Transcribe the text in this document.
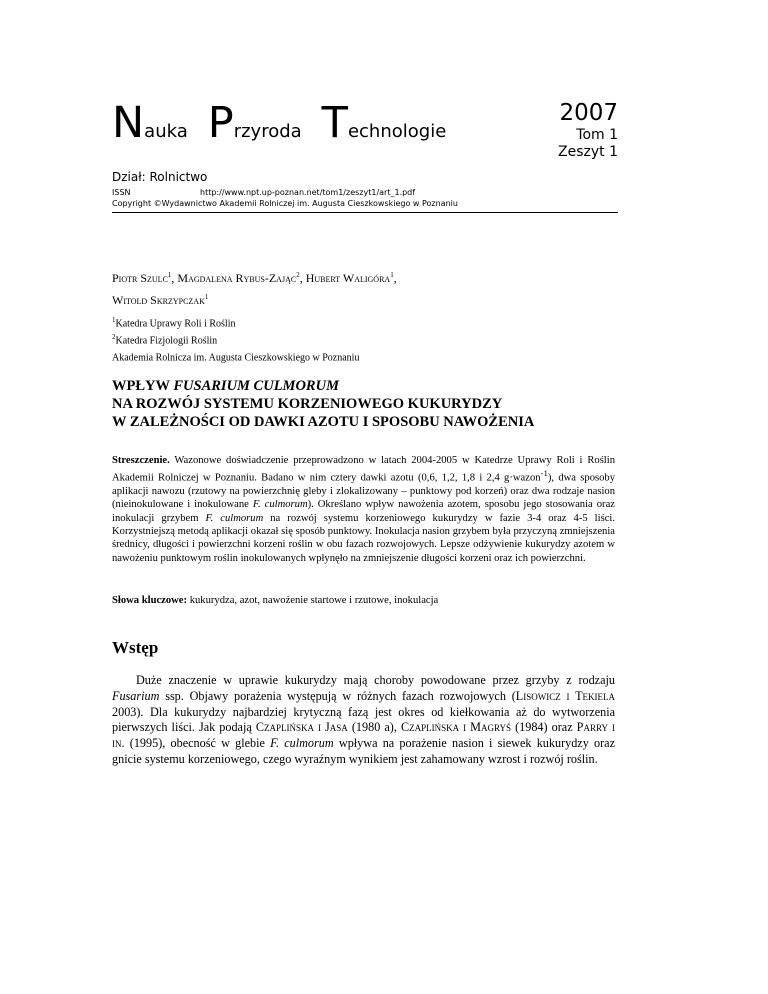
Nauka Przyroda Technologie
2007
Tom 1
Zeszyt 1
Dział: Rolnictwo
ISSN	http://www.npt.up-poznan.net/tom1/zeszyt1/art_1.pdf
Copyright ©Wydawnictwo Akademii Rolniczej im. Augusta Cieszkowskiego w Poznaniu
Piotr Szulc$^1$, Magdalena Rybus-Zając$^2$, Hubert Waligóra$^1$,
Witold Skrzypczak$^1$
$^1$Katedra Uprawy Roli i Roślin
$^2$Katedra Fizjologii Roślin
Akademia Rolnicza im. Augusta Cieszkowskiego w Poznaniu
WPŁYW FUSARIUM CULMORUM
NA ROZWÓJ SYSTEMU KORZENIOWEGO KUKURYDZY
W ZALEŻNOŚCI OD DAWKI AZOTU I SPOSOBU NAWOŻENIA
Streszczenie. Wazonowe doświadczenie przeprowadzono w latach 2004-2005 w Katedrze Uprawy Roli i Roślin Akademii Rolniczej w Poznaniu. Badano w nim cztery dawki azotu (0,6, 1,2, 1,8 i 2,4 g·wazon$^{-1}$), dwa sposoby aplikacji nawozu (rzutowy na powierzchnię gleby i zlokalizowany – punktowy pod korzeń) oraz dwa rodzaje nasion (nieinokulowane i inokulowane F. culmorum). Określano wpływ nawożenia azotem, sposobu jego stosowania oraz inokulacji grzybem F. culmorum na rozwój systemu korzeniowego kukurydzy w fazie 3-4 oraz 4-5 liści. Korzystniejszą metodą aplikacji okazał się sposób punktowy. Inokulacja nasion grzybem była przyczyną zmniejszenia średnicy, długości i powierzchni korzeni roślin w obu fazach rozwojowych. Lepsze odżywienie kukurydzy azotem w nawożeniu punktowym roślin inokulowanych wpłynęło na zmniejszenie długości korzeni oraz ich powierzchni.
Słowa kluczowe: kukurydza, azot, nawożenie startowe i rzutowe, inokulacja
Wstęp
Duże znaczenie w uprawie kukurydzy mają choroby powodowane przez grzyby z rodzaju Fusarium ssp. Objawy porażenia występują w różnych fazach rozwojowych (Lisowicz i Tekiela 2003). Dla kukurydzy najbardziej krytyczną fazą jest okres od kiełkowania aż do wytworzenia pierwszych liści. Jak podają Czaplińska i Jasa (1980 a), Czaplińska i Magryś (1984) oraz Parry i in. (1995), obecność w glebie F. culmorum wpływa na porażenie nasion i siewek kukurydzy oraz gnicie systemu korzeniowego, czego wyraźnym wynikiem jest zahamowany wzrost i rozwój roślin.
